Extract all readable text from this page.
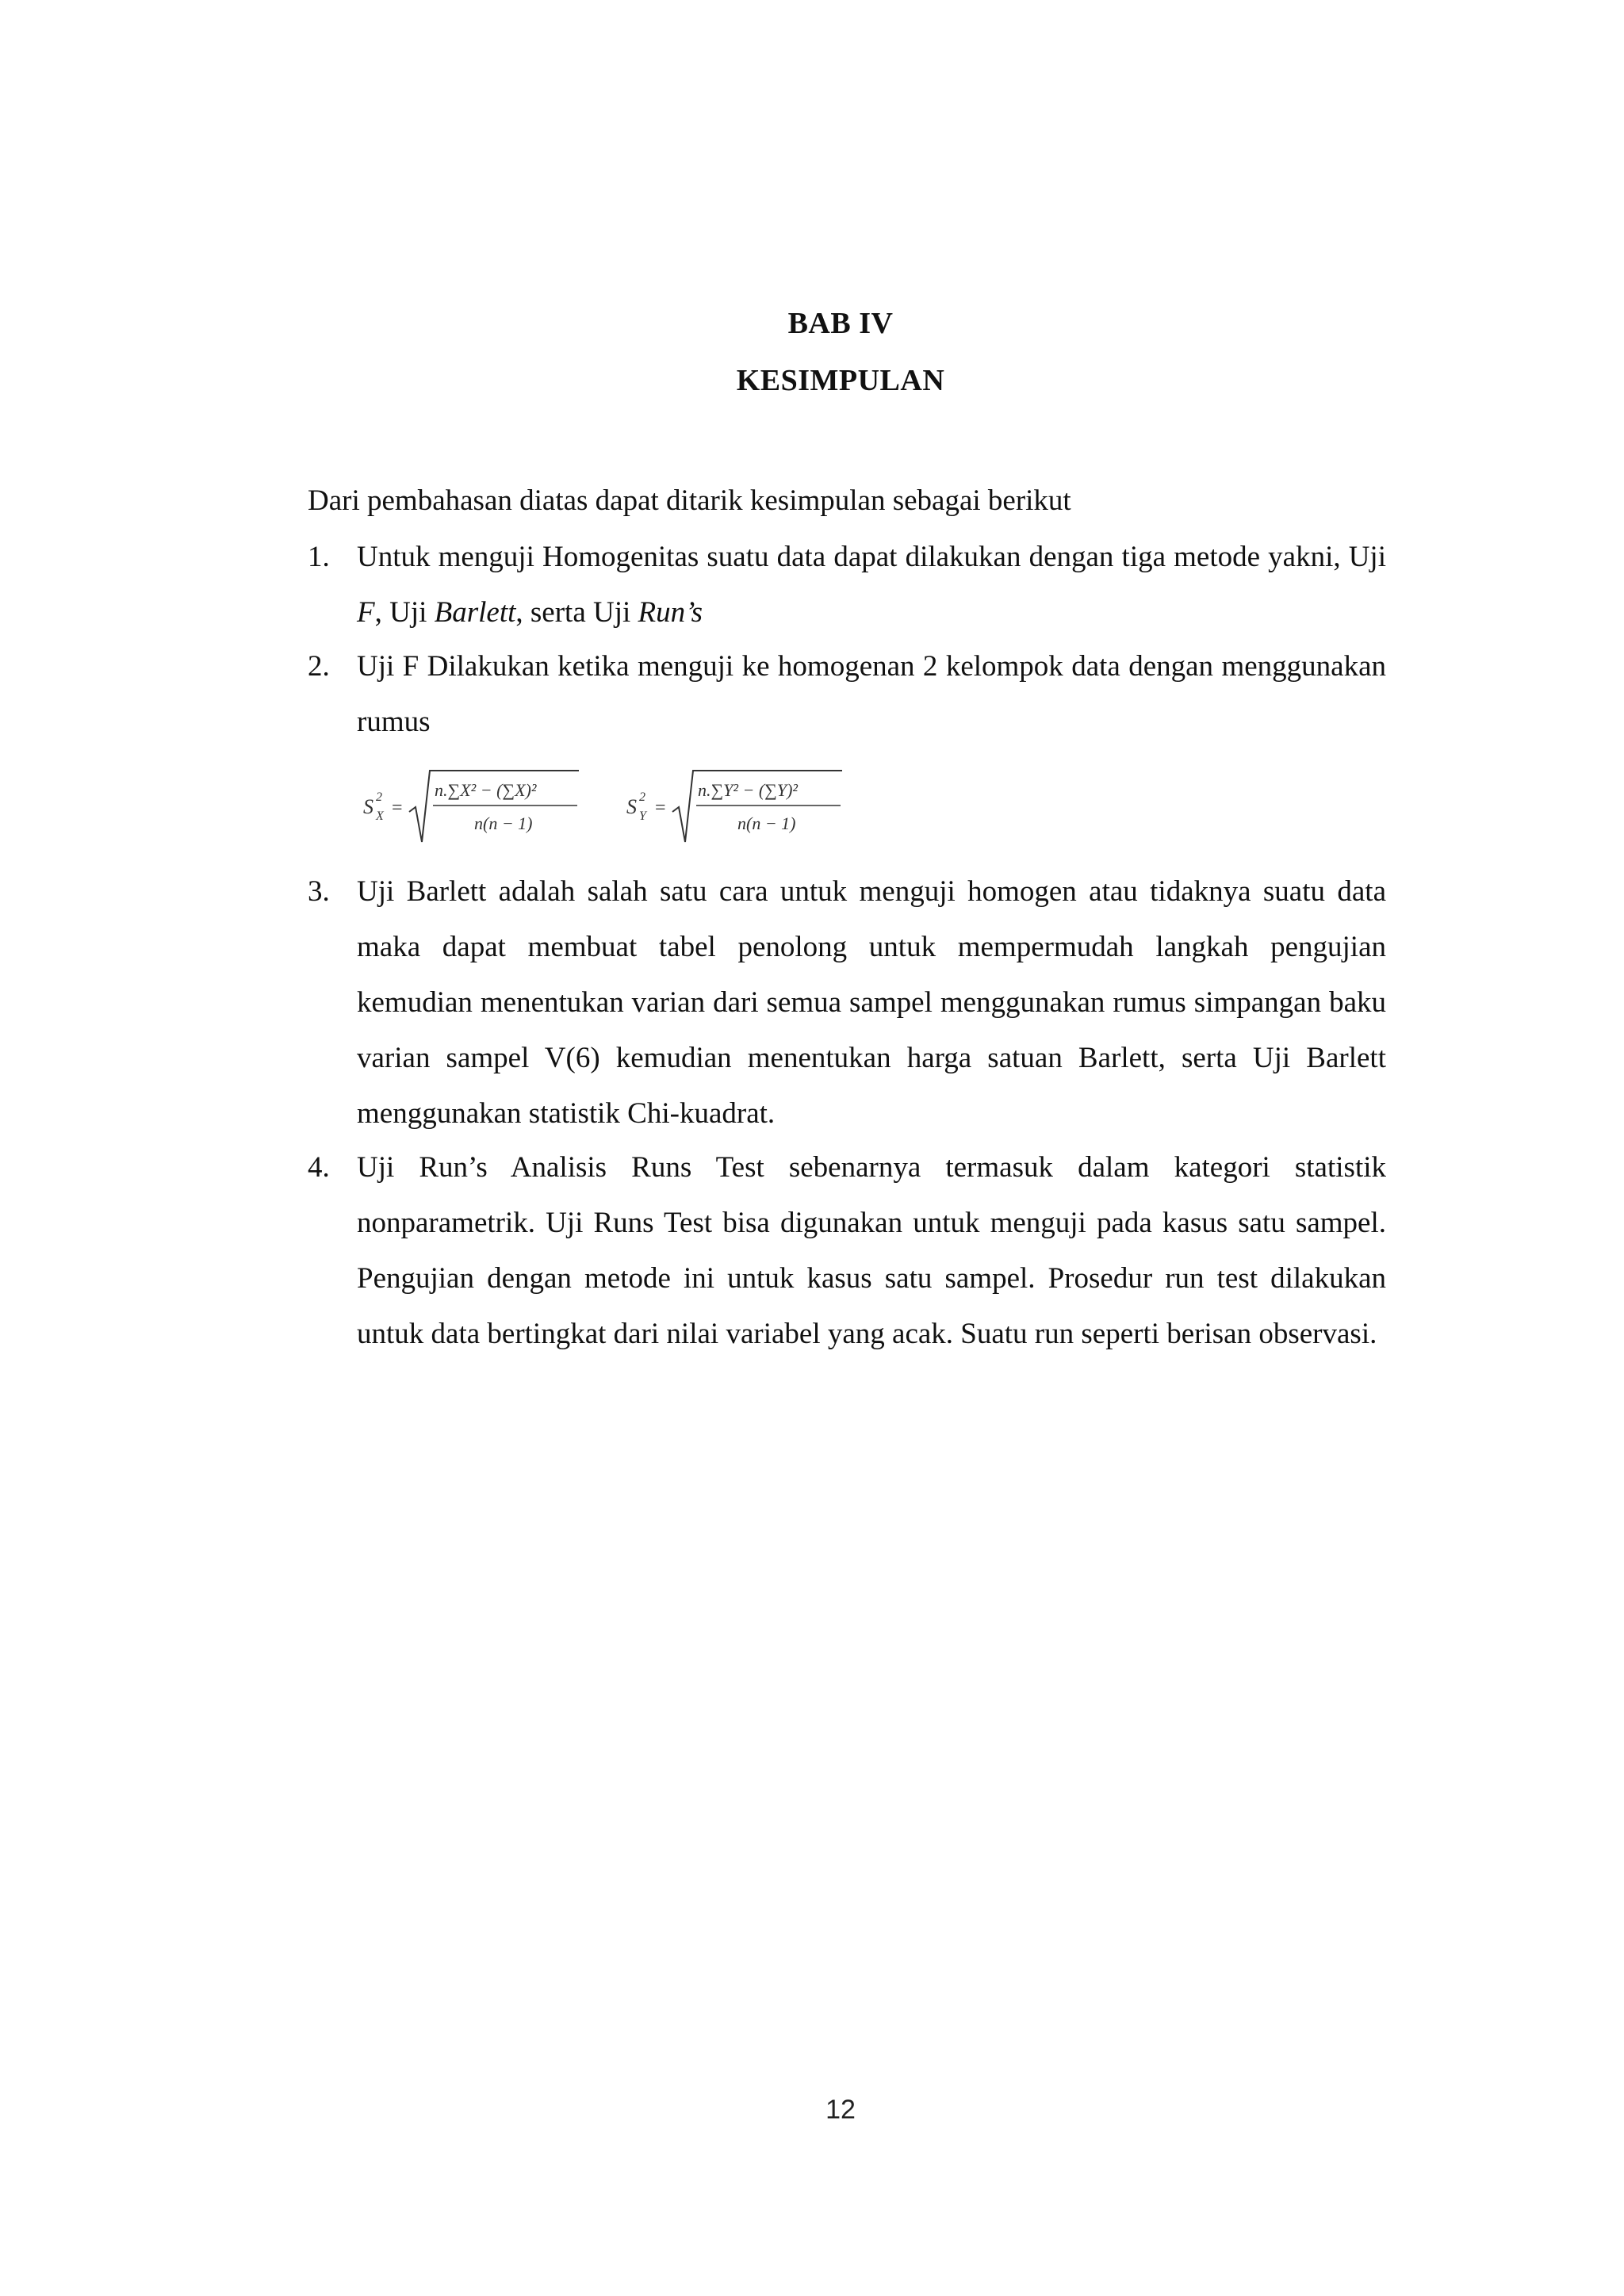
BAB IV
KESIMPULAN
Dari pembahasan diatas dapat ditarik kesimpulan sebagai berikut
1. Untuk menguji Homogenitas suatu data dapat dilakukan dengan tiga metode yakni, Uji F, Uji Barlett, serta Uji Run’s
2. Uji F Dilakukan ketika menguji ke homogenan 2 kelompok data dengan menggunakan rumus
S X
2
=
n.∑X² − (∑X)²
n(n − 1)
S Y
2
=
n.∑Y² − (∑Y)²
n(n − 1)
3. Uji Barlett adalah salah satu cara untuk menguji homogen atau tidaknya suatu data maka dapat membuat tabel penolong untuk mempermudah langkah pengujian kemudian menentukan varian dari semua sampel menggunakan rumus simpangan baku varian sampel V(6) kemudian menentukan harga satuan Barlett, serta Uji Barlett menggunakan statistik Chi-kuadrat.
4. Uji Run’s Analisis Runs Test sebenarnya termasuk dalam kategori statistik nonparametrik. Uji Runs Test bisa digunakan untuk menguji pada kasus satu sampel. Pengujian dengan metode ini untuk kasus satu sampel. Prosedur run test dilakukan untuk data bertingkat dari nilai variabel yang acak. Suatu run seperti berisan observasi.
12
